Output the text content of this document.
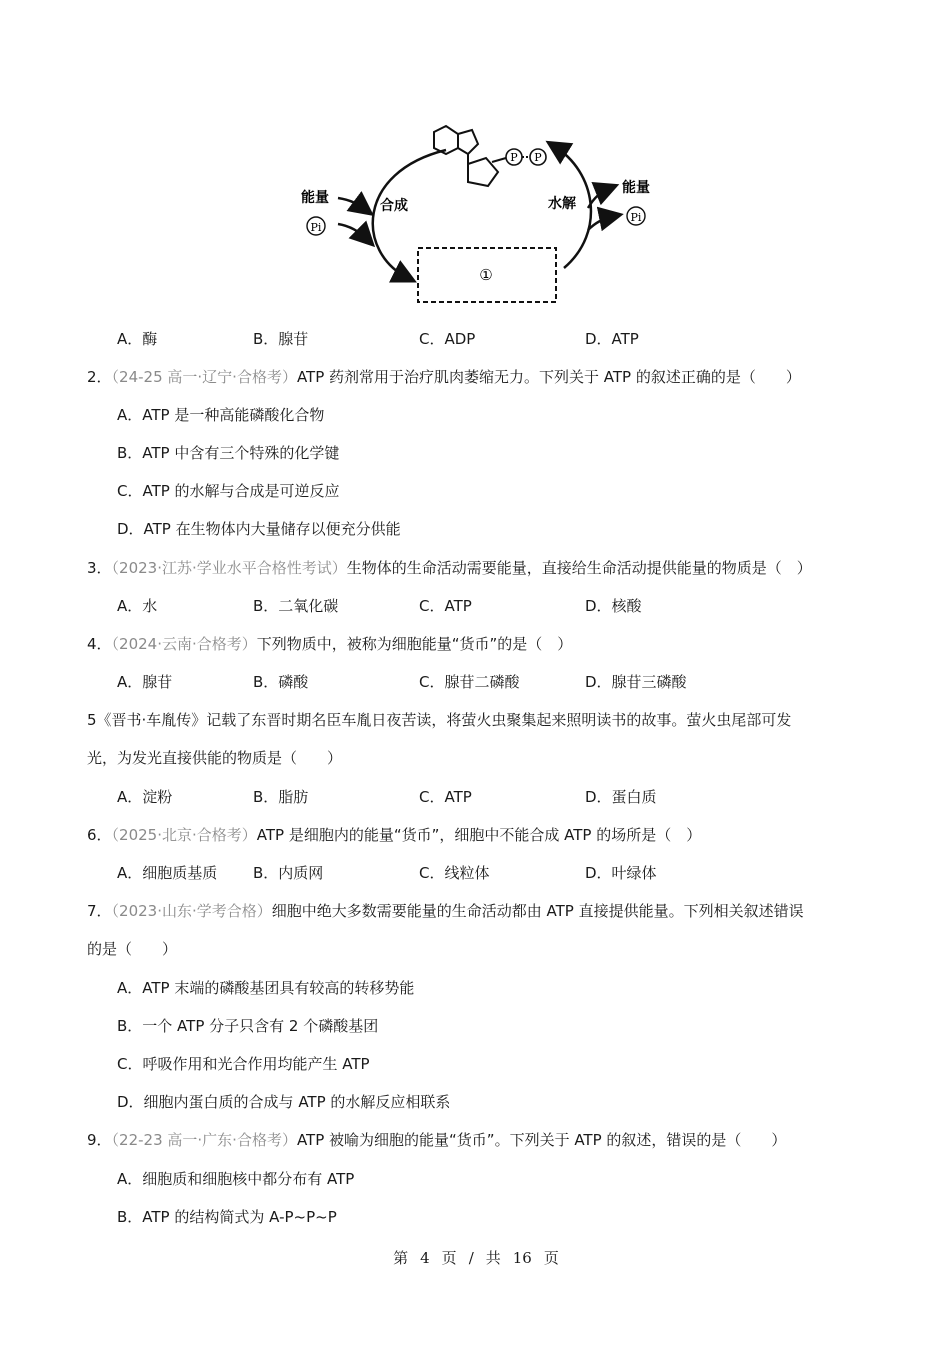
P P
能量
Pi
合成	水解
能量
Pi
①
A．酶	B．腺苷	C．ADP	D．ATP
2．（24-25 高一·辽宁·合格考）ATP 药剂常用于治疗肌肉萎缩无力。下列关于 ATP 的叙述正确的是（　　）
A．ATP 是一种高能磷酸化合物
B．ATP 中含有三个特殊的化学键
C．ATP 的水解与合成是可逆反应
D．ATP 在生物体内大量储存以便充分供能
3．（2023·江苏·学业水平合格性考试）生物体的生命活动需要能量，直接给生命活动提供能量的物质是（　）
A．水	B．二氧化碳	C．ATP	D．核酸
4．（2024·云南·合格考）下列物质中，被称为细胞能量“货币”的是（　）
A．腺苷	B．磷酸	C．腺苷二磷酸	D．腺苷三磷酸
5《晋书·车胤传》记载了东晋时期名臣车胤日夜苦读，将萤火虫聚集起来照明读书的故事。萤火虫尾部可发
光，为发光直接供能的物质是（　　）
A．淀粉	B．脂肪	C．ATP	D．蛋白质
6．（2025·北京·合格考）ATP 是细胞内的能量“货币”，细胞中不能合成 ATP 的场所是（　）
A．细胞质基质 B．内质网	C．线粒体	D．叶绿体
7．（2023·山东·学考合格）细胞中绝大多数需要能量的生命活动都由 ATP 直接提供能量。下列相关叙述错误
的是（　　）
A．ATP 末端的磷酸基团具有较高的转移势能
B．一个 ATP 分子只含有 2 个磷酸基团
C．呼吸作用和光合作用均能产生 ATP
D．细胞内蛋白质的合成与 ATP 的水解反应相联系
9．（22-23 高一·广东·合格考）ATP 被喻为细胞的能量“货币”。下列关于 ATP 的叙述，错误的是（　　）
A．细胞质和细胞核中都分布有 ATP
B．ATP 的结构简式为 A-P~P~P
第 4 页 / 共 16 页
